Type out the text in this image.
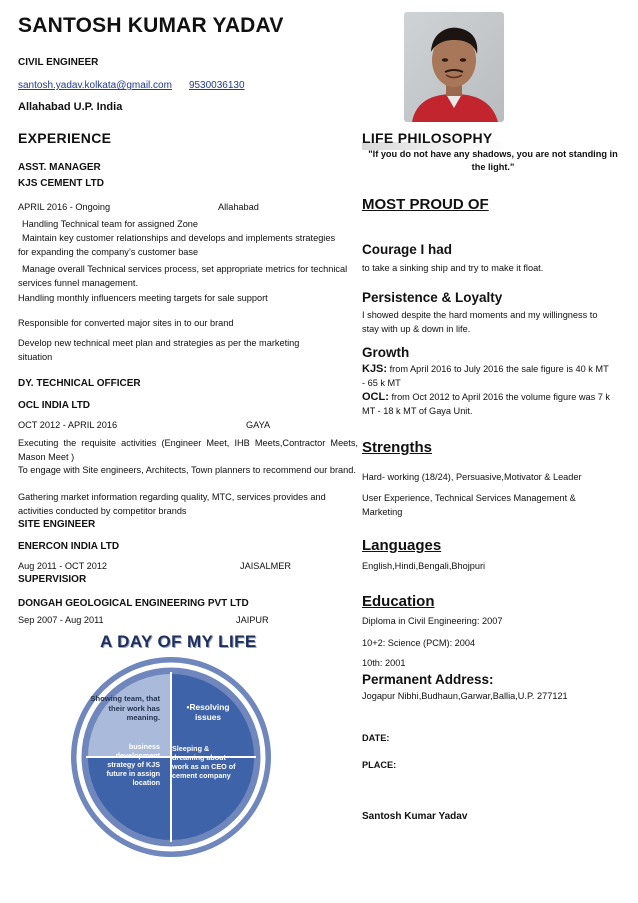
SANTOSH KUMAR YADAV
CIVIL ENGINEER
santosh.yadav.kolkata@gmail.com 9530036130
Allahabad U.P. India
EXPERIENCE
ASST. MANAGER
KJS CEMENT LTD
APRIL 2016 - Ongoing	Allahabad
Handling Technical team for assigned Zone
Maintain key customer relationships and develops and implements strategies for expanding the company’s customer base
Manage overall Technical services process, set appropriate metrics for technical services funnel management.
Handling monthly influencers meeting targets for sale support
Responsible for converted major sites in to our brand
Develop new technical meet plan and strategies as per the marketing situation
DY. TECHNICAL OFFICER
OCL INDIA LTD
OCT 2012 - APRIL 2016	GAYA
Executing the requisite activities (Engineer Meet, IHB Meets,Contractor Meets, Mason Meet )
To engage with Site engineers, Architects, Town planners to recommend our brand.
Gathering market information regarding quality, MTC, services provides and activities conducted by competitor brands
SITE ENGINEER
ENERCON INDIA LTD
Aug 2011 - OCT 2012	JAISALMER
SUPERVISIOR
DONGAH GEOLOGICAL ENGINEERING PVT LTD
Sep 2007 - Aug 2011	JAIPUR
A DAY OF MY LIFE
Showing team, that their work has meaning.
•Resolving issues
business development strategy of KJS future in assign location
Sleeping & dreaming about work as an CEO of cement company
LIFE PHILOSOPHY
"If you do not have any shadows, you are not standing in the light."
MOST PROUD OF
Courage I had
to take a sinking ship and try to make it float.
Persistence & Loyalty
I showed despite the hard moments and my willingness to stay with up & down in life.
Growth
KJS: from April 2016 to July 2016 the sale figure is 40 k MT - 65 k MT
OCL: from Oct 2012 to April 2016 the volume figure was 7 k MT - 18 k MT of Gaya Unit.
Strengths
Hard- working (18/24), Persuasive,Motivator & Leader
User Experience, Technical Services Management & Marketing
Languages
English,Hindi,Bengali,Bhojpuri
Education
Diploma in Civil Engineering: 2007
10+2: Science (PCM): 2004
10th: 2001
Permanent Address:
Jogapur Nibhi,Budhaun,Garwar,Ballia,U.P. 277121
DATE:
PLACE:
Santosh Kumar Yadav
